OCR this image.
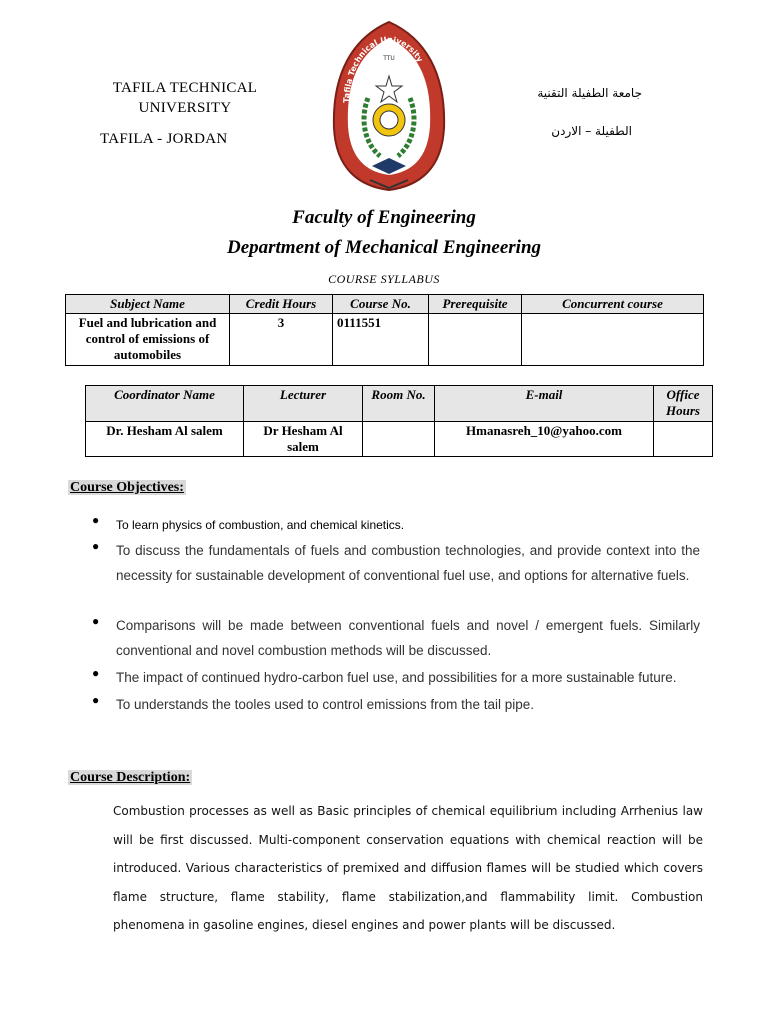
TAFILA TECHNICAL
UNIVERSITY
TAFILA - JORDAN
جامعة الطفيلة التقنية
الطفيلة – الاردن
Tafila Technical University
TTU
Faculty of Engineering
Department of Mechanical Engineering
COURSE SYLLABUS
Subject Name	Credit Hours	Course No.	Prerequisite	Concurrent course
Fuel and lubrication and control of emissions of automobiles	3	0111551		
Coordinator Name	Lecturer	Room No.	E-mail	Office Hours
Dr. Hesham Al salem	Dr Hesham Al salem		Hmanasreh_10@yahoo.com	
Course Objectives:
● To learn physics of combustion, and chemical kinetics.
● To discuss the fundamentals of fuels and combustion technologies, and provide context into the necessity for sustainable development of conventional fuel use, and options for alternative fuels.
● Comparisons will be made between conventional fuels and novel / emergent fuels. Similarly conventional and novel combustion methods will be discussed.
● The impact of continued hydro-carbon fuel use, and possibilities for a more sustainable future.
● To understands the tooles used to control emissions from the tail pipe.
Course Description:
Combustion processes as well as Basic principles of chemical equilibrium including Arrhenius law will be first discussed. Multi-component conservation equations with chemical reaction will be introduced. Various characteristics of premixed and diffusion flames will be studied which covers flame structure, flame stability, flame stabilization,and flammability limit. Combustion phenomena in gasoline engines, diesel engines and power plants will be discussed.
